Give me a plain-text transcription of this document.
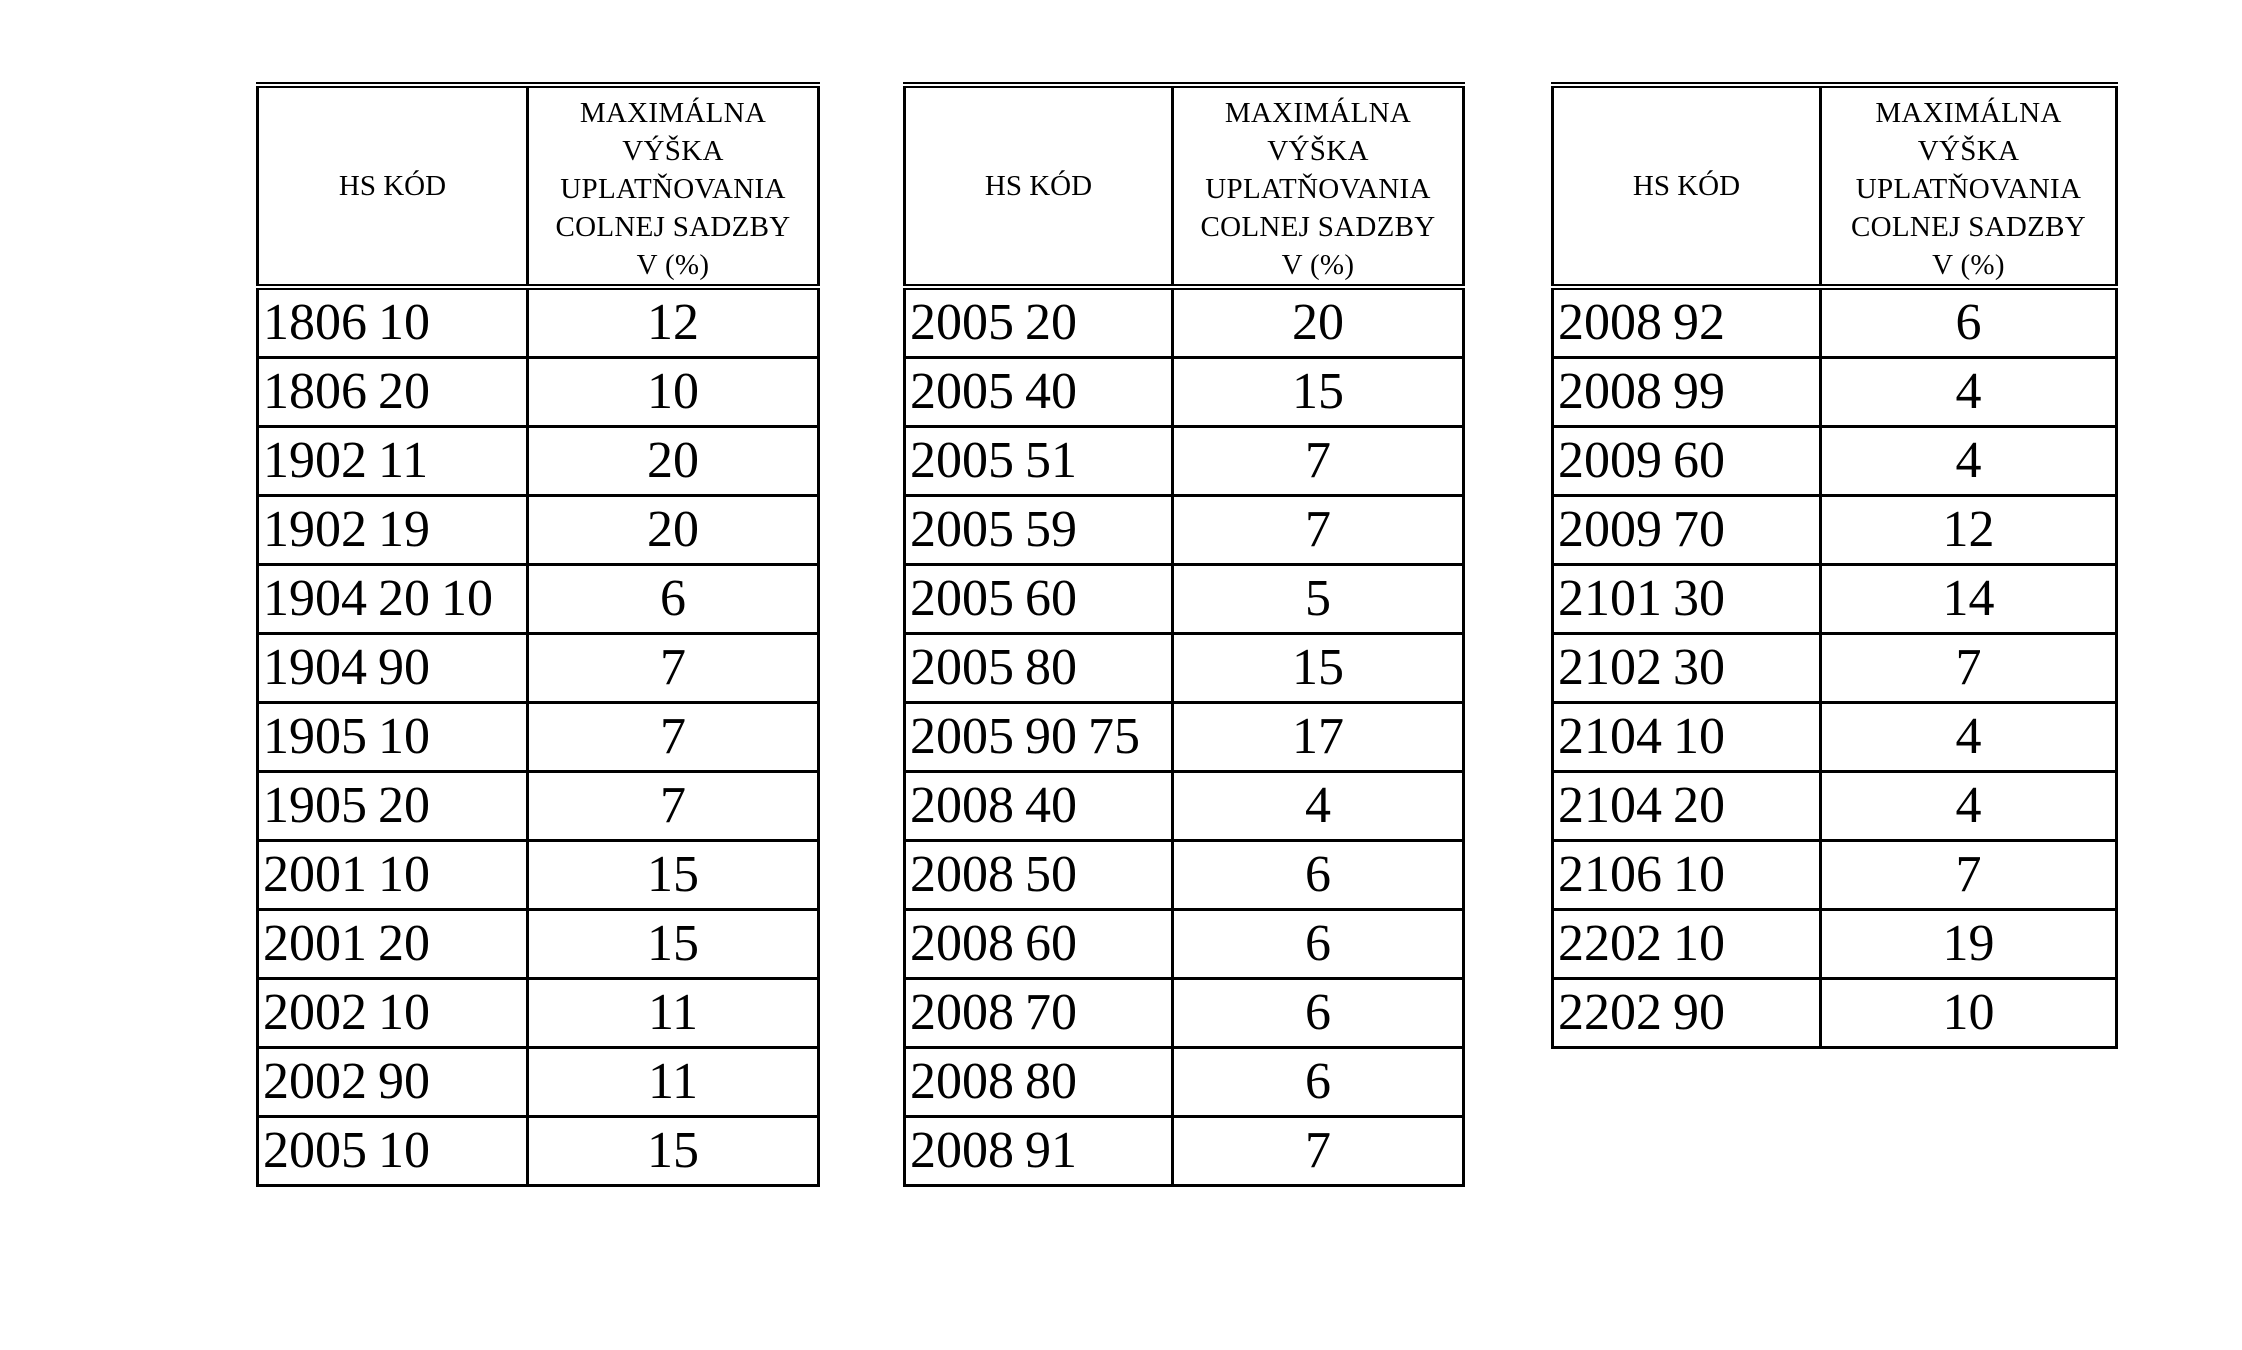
HS KÓD	MAXIMÁLNA
VÝŠKA
UPLATŇOVANIA
COLNEJ SADZBY
V (%)

1806 10	12
1806 20	10
1902 11	20
1902 19	20
1904 20 10	6
1904 90	7
1905 10	7
1905 20	7
2001 10	15
2001 20	15
2002 10	11
2002 90	11
2005 10	15
HS KÓD	MAXIMÁLNA
VÝŠKA
UPLATŇOVANIA
COLNEJ SADZBY
V (%)

2005 20	20
2005 40	15
2005 51	7
2005 59	7
2005 60	5
2005 80	15
2005 90 75	17
2008 40	4
2008 50	6
2008 60	6
2008 70	6
2008 80	6
2008 91	7
HS KÓD	MAXIMÁLNA
VÝŠKA
UPLATŇOVANIA
COLNEJ SADZBY
V (%)

2008 92	6
2008 99	4
2009 60	4
2009 70	12
2101 30	14
2102 30	7
2104 10	4
2104 20	4
2106 10	7
2202 10	19
2202 90	10
